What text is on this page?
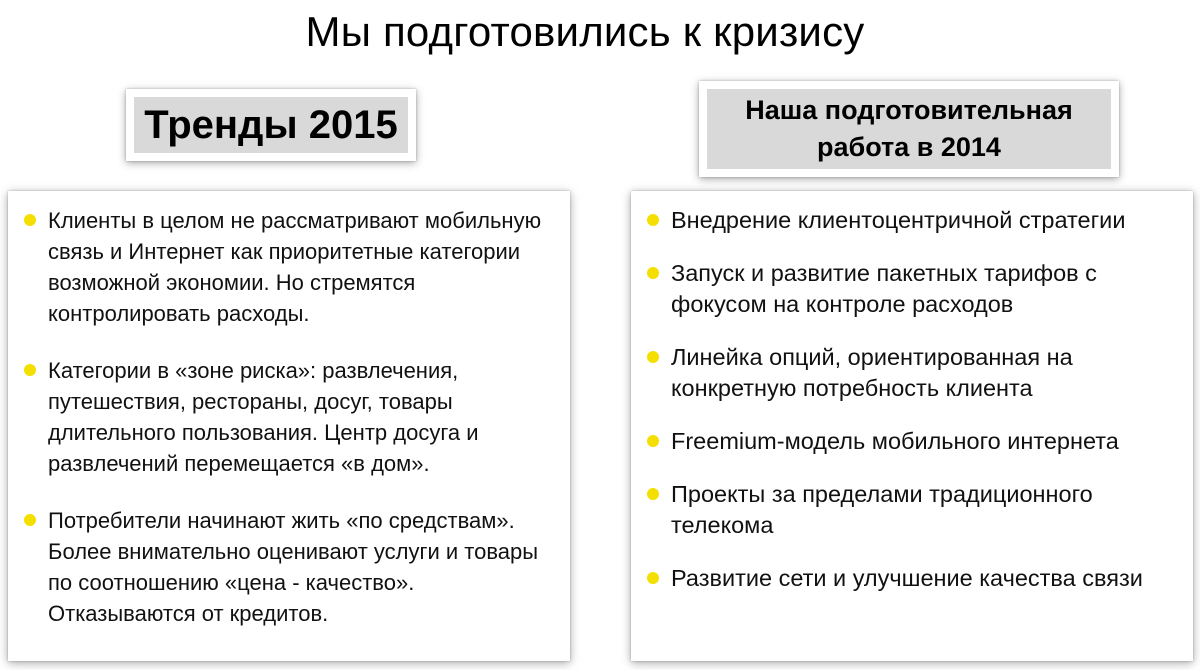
Мы подготовились к кризису
Тренды 2015	Наша подготовительная
работа в 2014
Клиенты в целом не рассматривают мобильную связь и Интернет как приоритетные категории возможной экономии. Но стремятся контролировать расходы.
Категории в «зоне риска»: развлечения, путешествия, рестораны, досуг, товары длительного пользования. Центр досуга и развлечений перемещается «в дом».
Потребители начинают жить «по средствам». Более внимательно оценивают услуги и товары по соотношению «цена - качество». Отказываются от кредитов.
Внедрение клиентоцентричной стратегии
Запуск и развитие пакетных тарифов с фокусом на контроле расходов
Линейка опций, ориентированная на конкретную потребность клиента
Freemium-модель мобильного интернета
Проекты за пределами традиционного телекома
Развитие сети и улучшение качества связи
